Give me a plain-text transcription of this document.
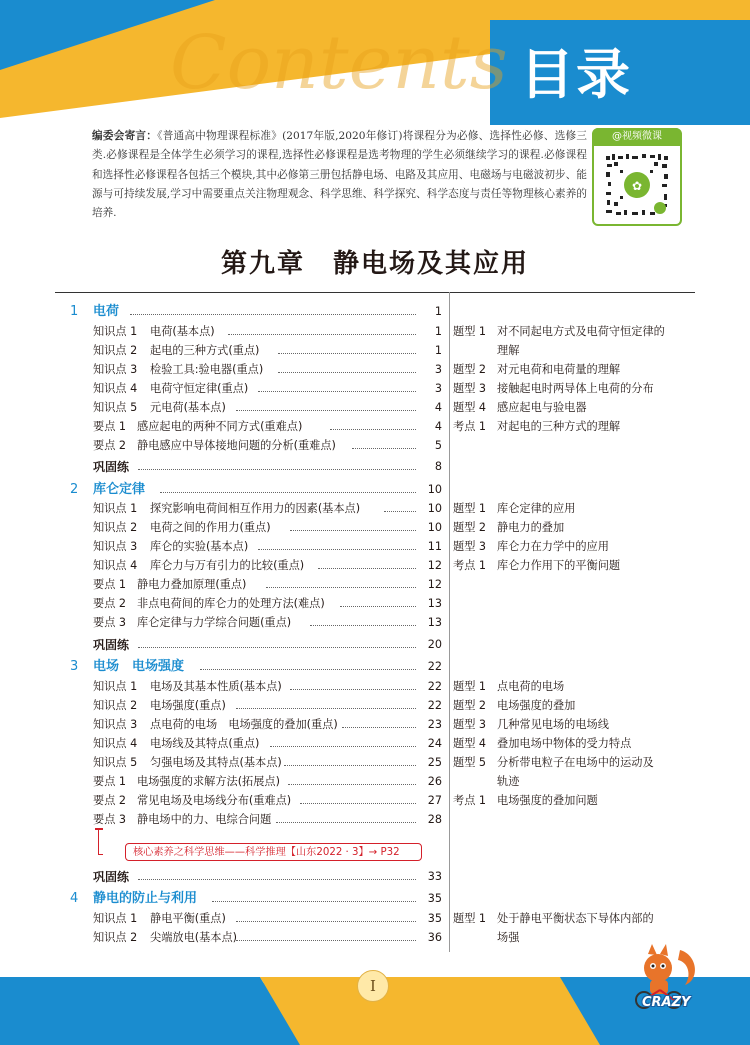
Contents 目录
编委会寄言：《普通高中物理课程标准》(2017年版,2020年修订)将课程分为必修、选择性必修、选修三类.必修课程是全体学生必须学习的课程,选择性必修课程是选考物理的学生必须继续学习的课程.必修课程和选择性必修课程各包括三个模块,其中必修第三册包括静电场、电路及其应用、电磁场与电磁波初步、能源与可持续发展,学习中需要重点关注物理观念、科学思维、科学探究、科学态度与责任等物理核心素养的培养.
@视频微课
✿
第九章　静电场及其应用
1 电荷	1
知识点 1 电荷(基本点)	1 题型 1 对不同起电方式及电荷守恒定律的
知识点 2 起电的三种方式(重点)	1	理解
知识点 3 检验工具:验电器(重点)	3 题型 2 对元电荷和电荷量的理解
知识点 4 电荷守恒定律(重点)	3 题型 3 接触起电时两导体上电荷的分布
知识点 5 元电荷(基本点)	4 题型 4 感应起电与验电器
要点 1 感应起电的两种不同方式(重难点)	4 考点 1 对起电的三种方式的理解
要点 2 静电感应中导体接地问题的分析(重难点)	5
巩固练	8
2 库仑定律	10
知识点 1 探究影响电荷间相互作用力的因素(基本点)	10 题型 1 库仑定律的应用
知识点 2 电荷之间的作用力(重点)	10 题型 2 静电力的叠加
知识点 3 库仑的实验(基本点)	11 题型 3 库仑力在力学中的应用
知识点 4 库仑力与万有引力的比较(重点)	12 考点 1 库仑力作用下的平衡问题
要点 1 静电力叠加原理(重点)	12
要点 2 非点电荷间的库仑力的处理方法(难点)	13
要点 3 库仑定律与力学综合问题(重点)	13
巩固练	20
3 电场　电场强度	22
知识点 1 电场及其基本性质(基本点)	22 题型 1 点电荷的电场
知识点 2 电场强度(重点)	22 题型 2 电场强度的叠加
知识点 3 点电荷的电场　电场强度的叠加(重点)	23 题型 3 几种常见电场的电场线
知识点 4 电场线及其特点(重点)	24 题型 4 叠加电场中物体的受力特点
知识点 5 匀强电场及其特点(基本点)	25 题型 5 分析带电粒子在电场中的运动及
要点 1 电场强度的求解方法(拓展点)	26	轨迹
要点 2 常见电场及电场线分布(重难点)	27 考点 1 电场强度的叠加问题
要点 3 静电场中的力、电综合问题	28
核心素养之科学思维——科学推理【山东2022 · 3】→ P32
巩固练	33
4 静电的防止与利用	35
知识点 1 静电平衡(重点)	35 题型 1 处于静电平衡状态下导体内部的
知识点 2 尖端放电(基本点)	36	场强
I
CRAZY
